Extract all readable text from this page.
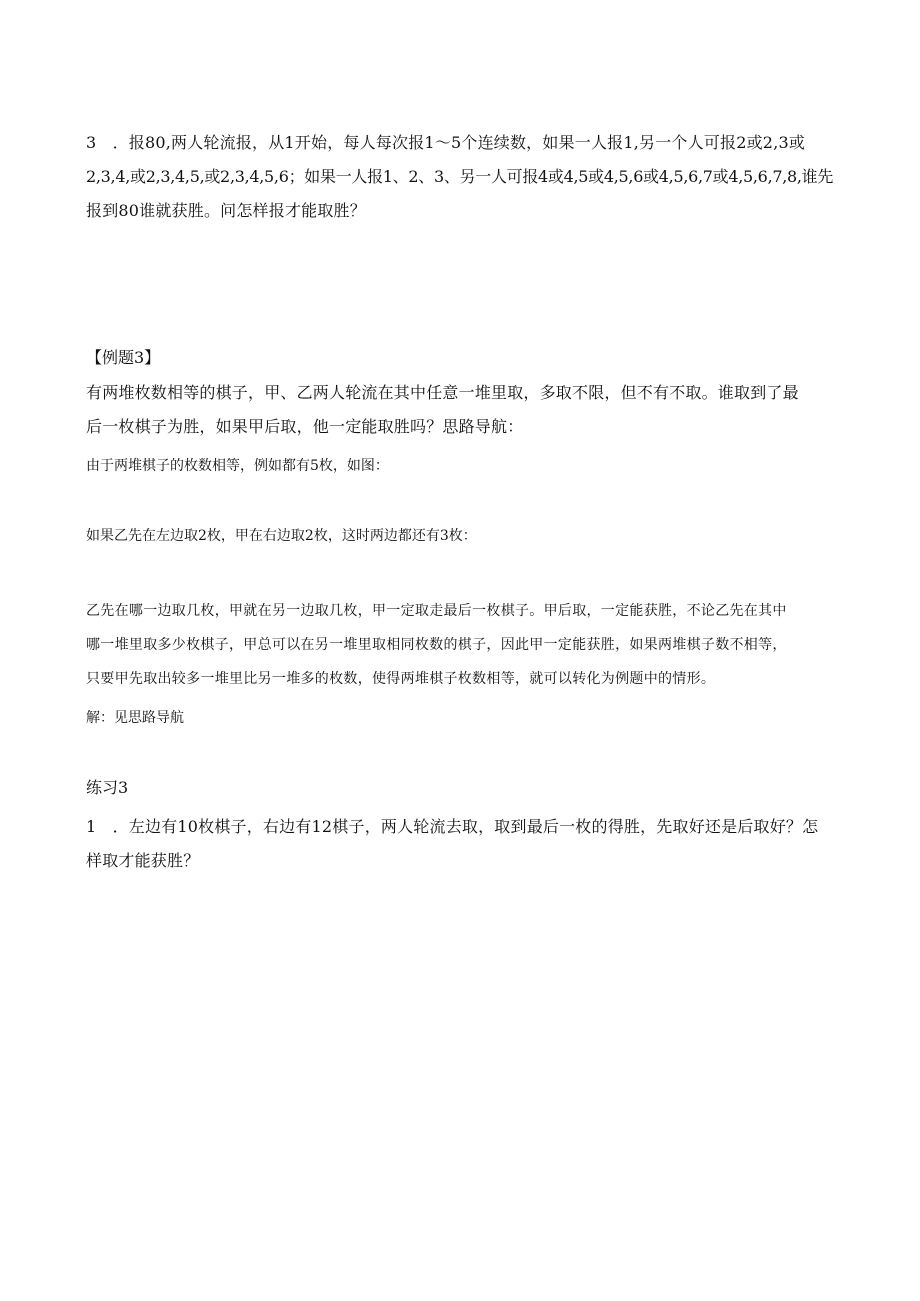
3　．报80,两人轮流报，从1开始，每人每次报1～5个连续数，如果一人报1,另一个人可报2或2,3或
2,3,4,或2,3,4,5,或2,3,4,5,6；如果一人报1、2、3、另一人可报4或4,5或4,5,6或4,5,6,7或4,5,6,7,8,谁先
报到80谁就获胜。问怎样报才能取胜？
【例题3】
有两堆枚数相等的棋子，甲、乙两人轮流在其中任意一堆里取，多取不限，但不有不取。谁取到了最
后一枚棋子为胜，如果甲后取，他一定能取胜吗？思路导航：
由于两堆棋子的枚数相等，例如都有5枚，如图：
如果乙先在左边取2枚，甲在右边取2枚，这时两边都还有3枚：
乙先在哪一边取几枚，甲就在另一边取几枚，甲一定取走最后一枚棋子。甲后取，一定能获胜，不论乙先在其中
哪一堆里取多少枚棋子，甲总可以在另一堆里取相同枚数的棋子，因此甲一定能获胜，如果两堆棋子数不相等，
只要甲先取出较多一堆里比另一堆多的枚数，使得两堆棋子枚数相等，就可以转化为例题中的情形。
解：见思路导航
练习3
1　．左边有10枚棋子，右边有12棋子，两人轮流去取，取到最后一枚的得胜，先取好还是后取好？怎
样取才能获胜？
